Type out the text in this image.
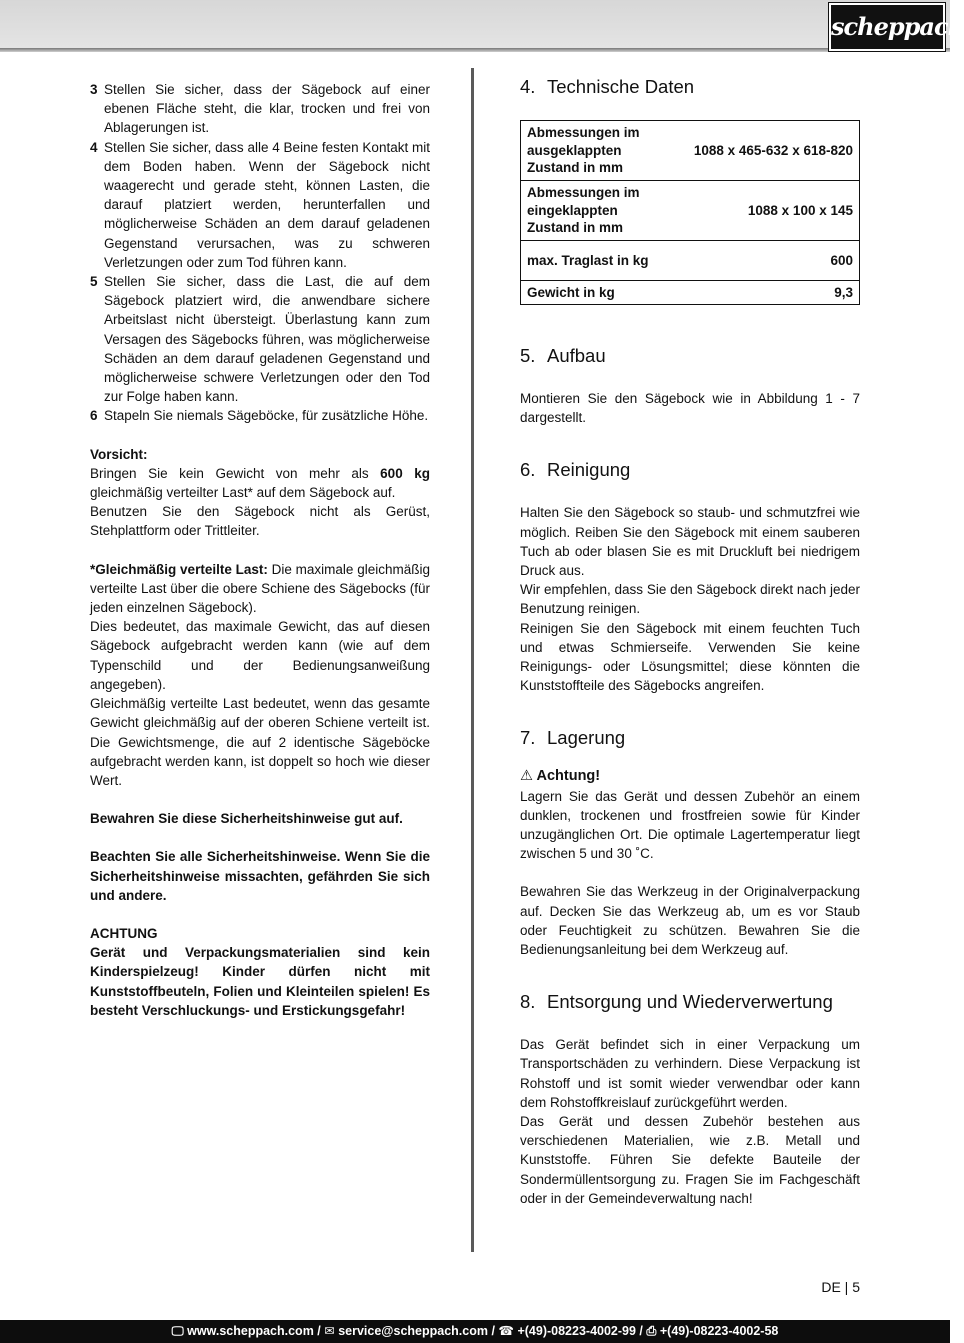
scheppach
3 Stellen Sie sicher, dass der Sägebock auf einer ebenen Fläche steht, die klar, trocken und frei von Ablagerungen ist.
4 Stellen Sie sicher, dass alle 4 Beine festen Kontakt mit dem Boden haben. Wenn der Sägebock nicht waagerecht und gerade steht, können Lasten, die darauf platziert werden, herunterfallen und möglicherweise Schäden an dem darauf geladenen Gegenstand verursachen, was zu schweren Verletzungen oder zum Tod führen kann.
5 Stellen Sie sicher, dass die Last, die auf dem Sägebock platziert wird, die anwendbare sichere Arbeitslast nicht übersteigt. Überlastung kann zum Versagen des Sägebocks führen, was möglicherweise Schäden an dem darauf geladenen Gegenstand und möglicherweise schwere Verletzungen oder den Tod zur Folge haben kann.
6 Stapeln Sie niemals Sägeböcke, für zusätzliche Höhe.

Vorsicht:

Bringen Sie kein Gewicht von mehr als 600 kg gleichmäßig verteilter Last* auf dem Sägebock auf.

Benutzen Sie den Sägebock nicht als Gerüst, Stehplattform oder Trittleiter.

*Gleichmäßig verteilte Last: Die maximale gleichmäßig verteilte Last über die obere Schiene des Sägebocks (für jeden einzelnen Sägebock).

Dies bedeutet, das maximale Gewicht, das auf diesen Sägebock aufgebracht werden kann (wie auf dem Typenschild und der Bedienungsanweißung angegeben).

Gleichmäßig verteilte Last bedeutet, wenn das gesamte Gewicht gleichmäßig auf der oberen Schiene verteilt ist. Die Gewichtsmenge, die auf 2 identische Sägeböcke aufgebracht werden kann, ist doppelt so hoch wie dieser Wert.

Bewahren Sie diese Sicherheitshinweise gut auf.

Beachten Sie alle Sicherheitshinweise. Wenn Sie die Sicherheitshinweise missachten, gefährden Sie sich und andere.

ACHTUNG

Gerät und Verpackungsmaterialien sind kein Kinderspielzeug! Kinder dürfen nicht mit Kunststoffbeuteln, Folien und Kleinteilen spielen! Es besteht Verschluckungs- und Erstickungsgefahr!

4. Technische Daten
Abmessungen im ausgeklappten Zustand in mm	1088 x 465-632 x 618-820
Abmessungen im eingeklappten Zustand in mm	1088 x 100 x 145
max. Traglast in kg	600
Gewicht in kg	9,3
5. Aufbau

Montieren Sie den Sägebock wie in Abbildung 1 - 7 dargestellt.

6. Reinigung

Halten Sie den Sägebock so staub- und schmutzfrei wie möglich. Reiben Sie den Sägebock mit einem sauberen Tuch ab oder blasen Sie es mit Druckluft bei niedrigem Druck aus.

Wir empfehlen, dass Sie den Sägebock direkt nach jeder Benutzung reinigen.

Reinigen Sie den Sägebock mit einem feuchten Tuch und etwas Schmierseife. Verwenden Sie keine Reinigungs- oder Lösungsmittel; diese könnten die Kunststoffteile des Sägebocks angreifen.

7. Lagerung

⚠ Achtung!

Lagern Sie das Gerät und dessen Zubehör an einem dunklen, trockenen und frostfreien sowie für Kinder unzugänglichen Ort. Die optimale Lagertemperatur liegt zwischen 5 und 30 ˚C.

Bewahren Sie das Werkzeug in der Originalverpackung auf. Decken Sie das Werkzeug ab, um es vor Staub oder Feuchtigkeit zu schützen. Bewahren Sie die Bedienungsanleitung bei dem Werkzeug auf.

8. Entsorgung und Wiederverwertung

Das Gerät befindet sich in einer Verpackung um Transportschäden zu verhindern. Diese Verpackung ist Rohstoff und ist somit wieder verwendbar oder kann dem Rohstoffkreislauf zurückgeführt werden.

Das Gerät und dessen Zubehör bestehen aus verschiedenen Materialien, wie z.B. Metall und Kunststoffe. Führen Sie defekte Bauteile der Sondermüllentsorgung zu. Fragen Sie im Fachgeschäft oder in der Gemeindeverwaltung nach!

DE | 5
🖵︎ www.scheppach.com / ✉ service@scheppach.com / ☎ +(49)-08223-4002-99 / ⎙ +(49)-08223-4002-58
